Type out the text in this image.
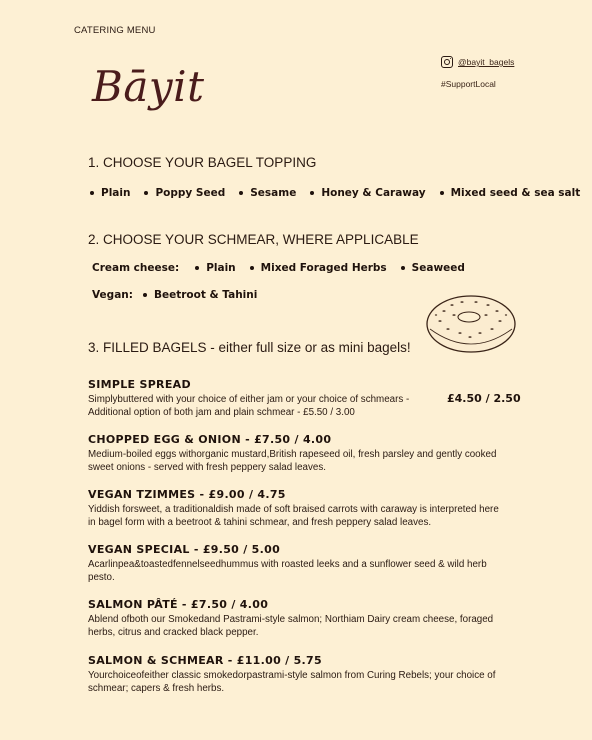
CATERING MENU
Bāyit	@bayit_bagels
#SupportLocal
1. CHOOSE YOUR BAGEL TOPPING
Plain Poppy Seed Sesame Honey & Caraway Mixed seed & sea salt
2. CHOOSE YOUR SCHMEAR, WHERE APPLICABLE
Cream cheese:	Plain Mixed Foraged Herbs Seaweed
Vegan: Beetroot & Tahini
3. FILLED BAGELS - either full size or as mini bagels!
SIMPLE SPREAD
Simplybuttered with your choice of either jam or your choice of schmears - Additional option of both jam and plain schmear - £5.50 / 3.00
£4.50 / 2.50
CHOPPED EGG & ONION - £7.50 / 4.00
Medium-boiled eggs withorganic mustard,British rapeseed oil, fresh parsley and gently cooked sweet onions - served with fresh peppery salad leaves.
VEGAN TZIMMES - £9.00 / 4.75
Yiddish forsweet, a traditionaldish made of soft braised carrots with caraway is interpreted here in bagel form with a beetroot & tahini schmear, and fresh peppery salad leaves.
VEGAN SPECIAL - £9.50 / 5.00
Acarlinpea&toastedfennelseedhummus with roasted leeks and a sunflower seed & wild herb pesto.
SALMON PÂTÉ - £7.50 / 4.00
Ablend ofboth our Smokedand Pastrami-style salmon; Northiam Dairy cream cheese, foraged herbs, citrus and cracked black pepper.
SALMON & SCHMEAR - £11.00 / 5.75
Yourchoiceofeither classic smokedorpastrami-style salmon from Curing Rebels; your choice of schmear; capers & fresh herbs.
